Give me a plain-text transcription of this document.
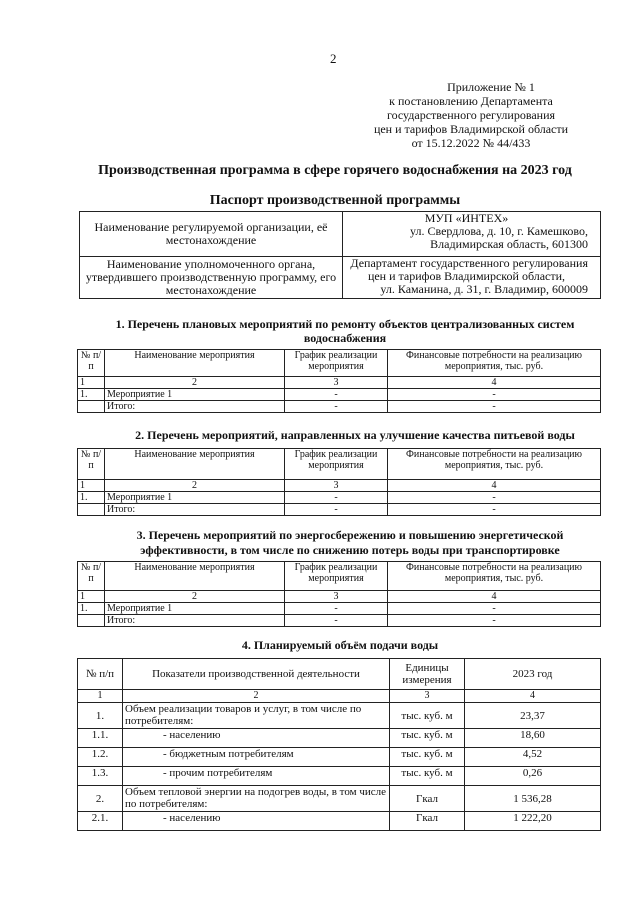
2
Приложение № 1
к постановлению Департамента
государственного регулирования
цен и тарифов Владимирской области
от 15.12.2022 № 44/433
Производственная программа в сфере горячего водоснабжения на 2023 год
Паспорт производственной программы
Наименование регулируемой организации, её местонахождение	МУП «ИНТЕХ»
ул. Свердлова, д. 10, г. Камешково,
Владимирская область, 601300

Наименование уполномоченного органа, утвердившего производственную программу, его местонахождение	Департамент государственного регулирования
цен и тарифов Владимирской области,
ул. Каманина, д. 31, г. Владимир, 600009
1. Перечень плановых мероприятий по ремонту объектов централизованных систем водоснабжения
№ п/п	Наименование мероприятия	График реализации мероприятия	Финансовые потребности на реализацию мероприятия, тыс. руб.
1	2	3	4
1.	Мероприятие 1	-	-
	Итого:	-	-
2. Перечень мероприятий, направленных на улучшение качества питьевой воды
№ п/п	Наименование мероприятия	График реализации мероприятия	Финансовые потребности на реализацию мероприятия, тыс. руб.
1	2	3	4
1.	Мероприятие 1	-	-
	Итого:	-	-
3. Перечень мероприятий по энергосбережению и повышению энергетической эффективности, в том числе по снижению потерь воды при транспортировке
№ п/п	Наименование мероприятия	График реализации мероприятия	Финансовые потребности на реализацию мероприятия, тыс. руб.
1	2	3	4
1.	Мероприятие 1	-	-
	Итого:	-	-
4. Планируемый объём подачи воды
№ п/п	Показатели производственной деятельности	Единицы измерения	2023 год
1	2	3	4
1.	Объем реализации товаров и услуг, в том числе по потребителям:	тыс. куб. м	23,37
1.1.	- населению	тыс. куб. м	18,60
1.2.	- бюджетным потребителям	тыс. куб. м	4,52
1.3.	- прочим потребителям	тыс. куб. м	0,26
2.	Объем тепловой энергии на подогрев воды, в том числе по потребителям:	Гкал	1 536,28
2.1.	- населению	Гкал	1 222,20
